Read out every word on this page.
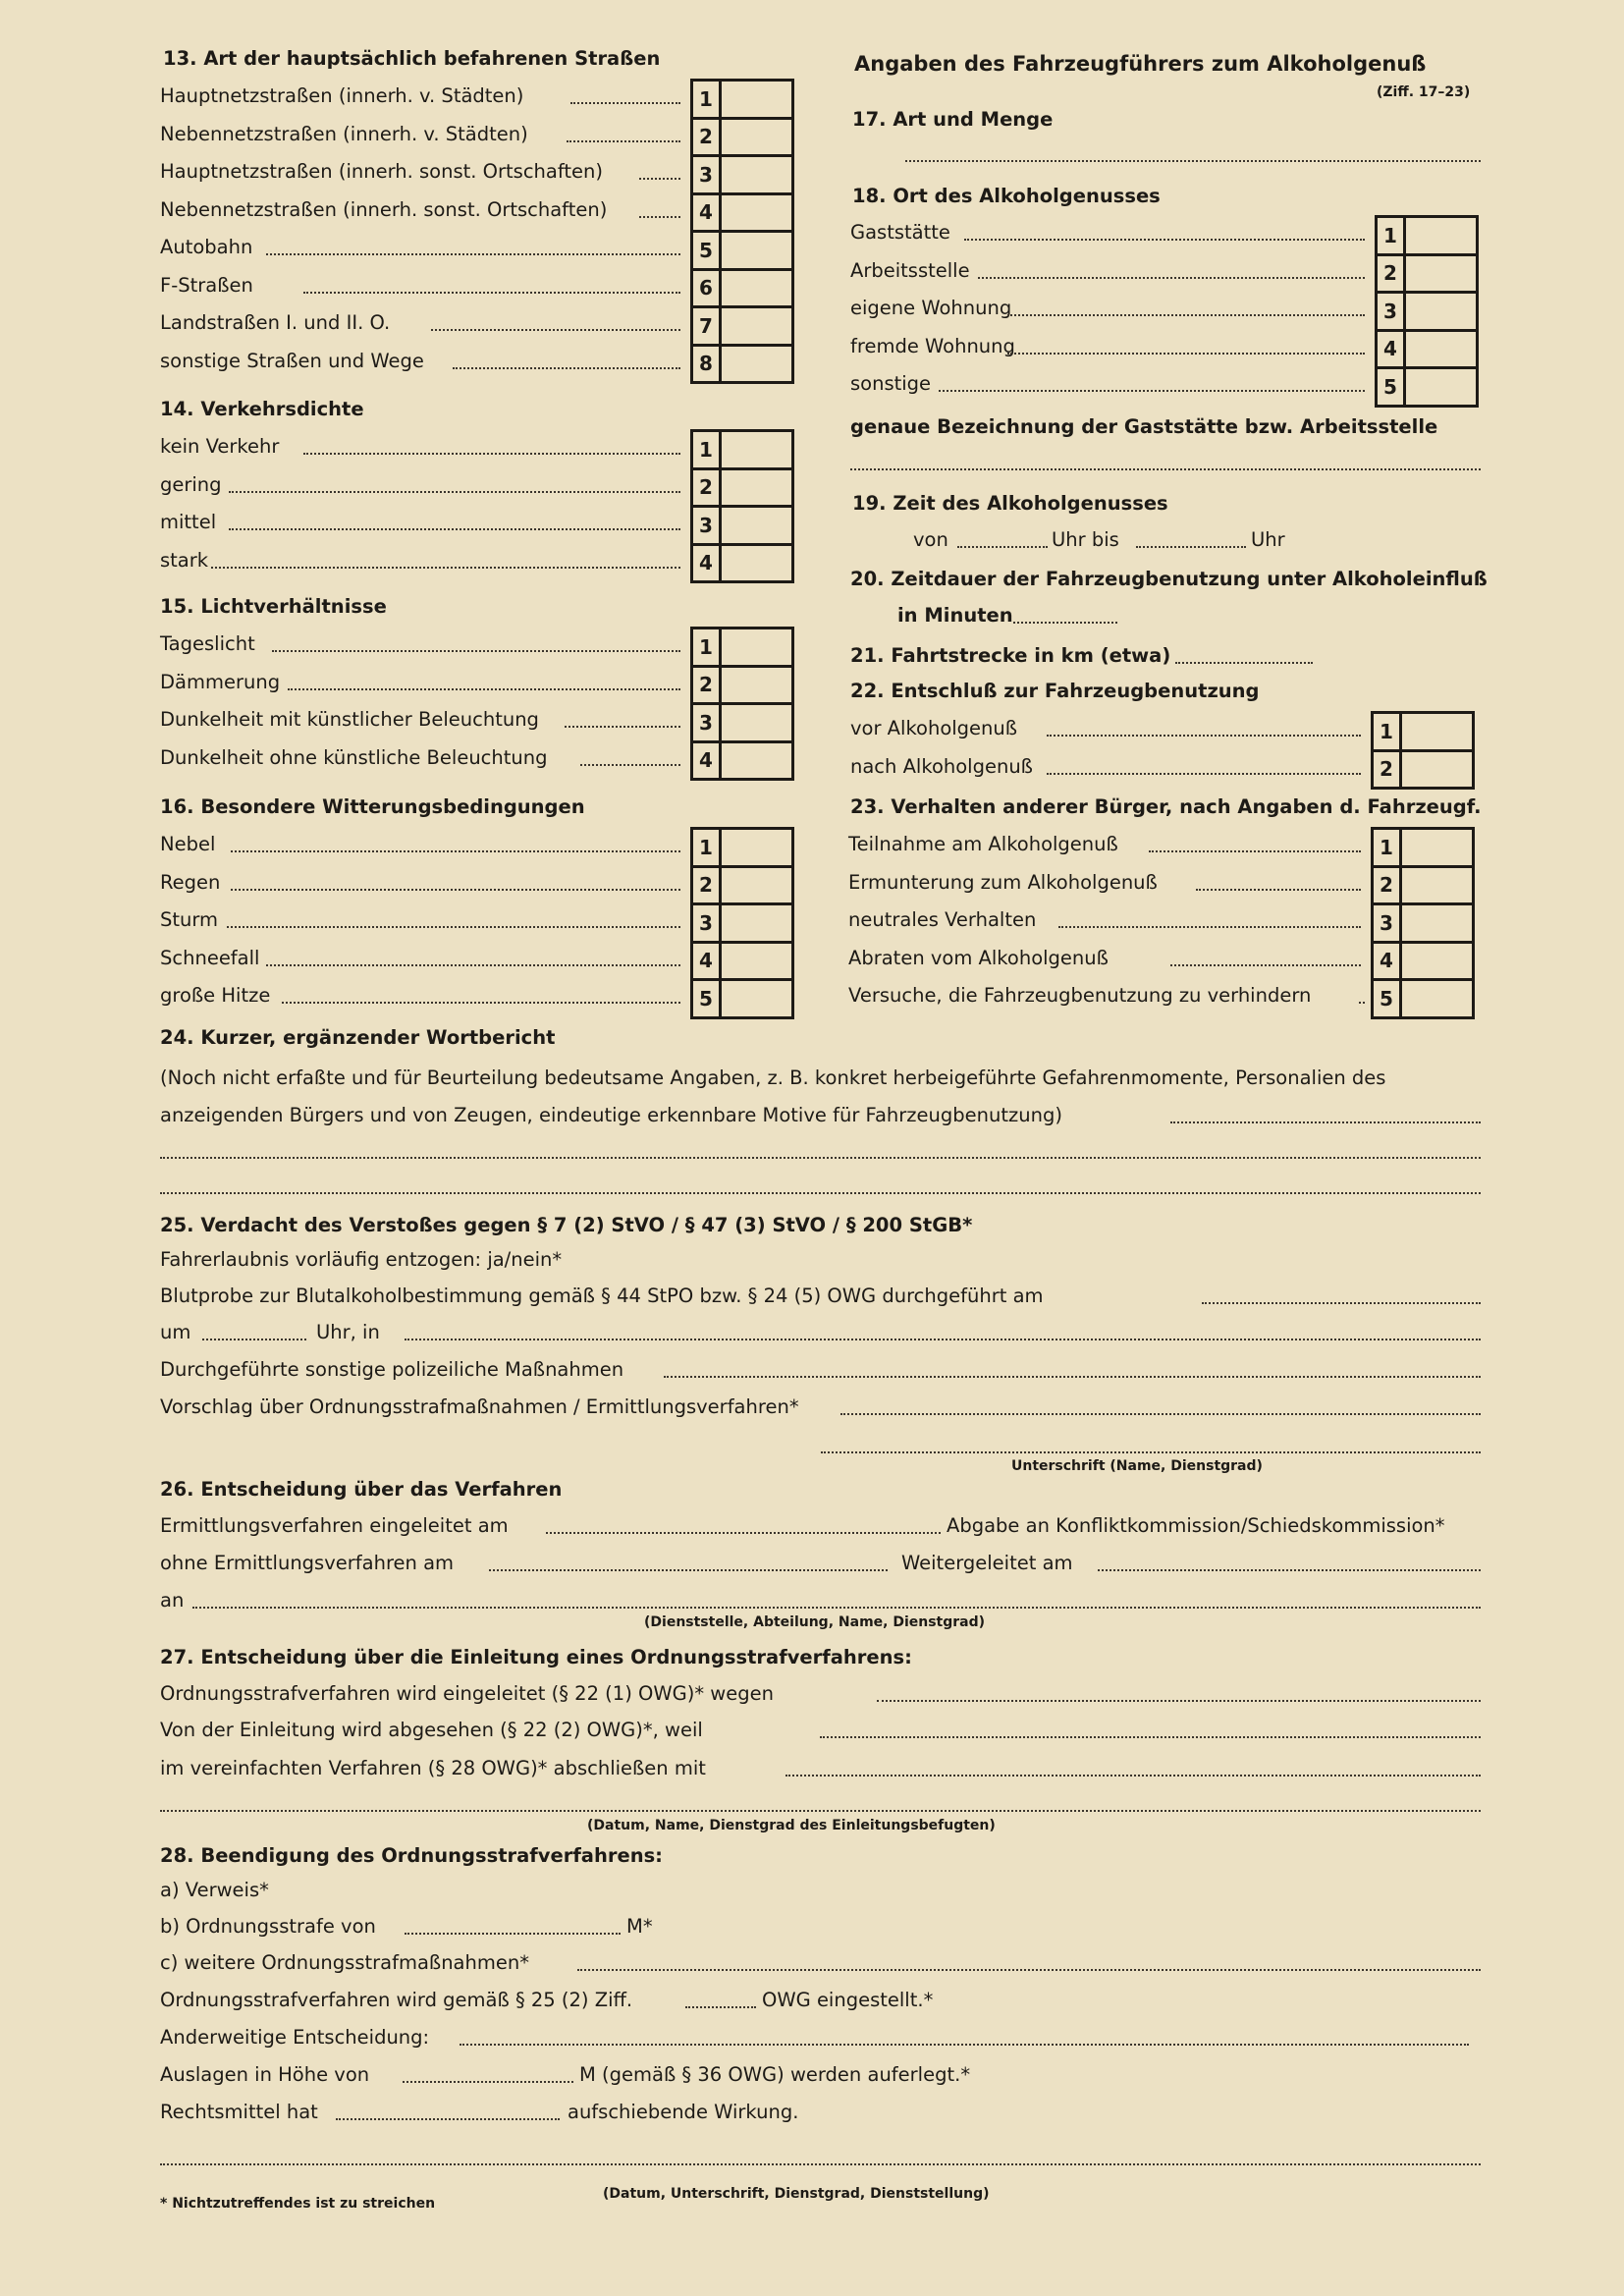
13. Art der hauptsächlich befahrenen Straßen
Hauptnetzstraßen (innerh. v. Städten)	1
Nebennetzstraßen (innerh. v. Städten)	2
Hauptnetzstraßen (innerh. sonst. Ortschaften)	3
Nebennetzstraßen (innerh. sonst. Ortschaften)	4
Autobahn	5
F-Straßen	6
Landstraßen I. und II. O.	7
sonstige Straßen und Wege	8
14. Verkehrsdichte
kein Verkehr	1
gering	2
mittel	3
stark	4
15. Lichtverhältnisse
Tageslicht	1
Dämmerung	2
Dunkelheit mit künstlicher Beleuchtung	3
Dunkelheit ohne künstliche Beleuchtung	4
16. Besondere Witterungsbedingungen
Nebel	1
Regen	2
Sturm	3
Schneefall	4
große Hitze	5
Angaben des Fahrzeugführers zum Alkoholgenuß
(Ziff. 17–23)
17. Art und Menge
18. Ort des Alkoholgenusses
Gaststätte	1
Arbeitsstelle	2
eigene Wohnung	3
fremde Wohnung	4
sonstige	5
genaue Bezeichnung der Gaststätte bzw. Arbeitsstelle
19. Zeit des Alkoholgenusses
von	Uhr bis	Uhr
20. Zeitdauer der Fahrzeugbenutzung unter Alkoholeinfluß
in Minuten
21. Fahrtstrecke in km (etwa)
22. Entschluß zur Fahrzeugbenutzung
vor Alkoholgenuß	1
nach Alkoholgenuß	2
23. Verhalten anderer Bürger, nach Angaben d. Fahrzeugf.
Teilnahme am Alkoholgenuß	1
Ermunterung zum Alkoholgenuß	2
neutrales Verhalten	3
Abraten vom Alkoholgenuß	4
Versuche, die Fahrzeugbenutzung zu verhindern	5
24. Kurzer, ergänzender Wortbericht
(Noch nicht erfaßte und für Beurteilung bedeutsame Angaben, z. B. konkret herbeigeführte Gefahrenmomente, Personalien des
anzeigenden Bürgers und von Zeugen, eindeutige erkennbare Motive für Fahrzeugbenutzung)
25. Verdacht des Verstoßes gegen § 7 (2) StVO / § 47 (3) StVO / § 200 StGB*
Fahrerlaubnis vorläufig entzogen: ja/nein*
Blutprobe zur Blutalkoholbestimmung gemäß § 44 StPO bzw. § 24 (5) OWG durchgeführt am
um	Uhr, in
Durchgeführte sonstige polizeiliche Maßnahmen
Vorschlag über Ordnungsstrafmaßnahmen / Ermittlungsverfahren*
Unterschrift (Name, Dienstgrad)
26. Entscheidung über das Verfahren
Ermittlungsverfahren eingeleitet am	Abgabe an Konfliktkommission/Schiedskommission*
ohne Ermittlungsverfahren am	Weitergeleitet am
an
(Dienststelle, Abteilung, Name, Dienstgrad)
27. Entscheidung über die Einleitung eines Ordnungsstrafverfahrens:
Ordnungsstrafverfahren wird eingeleitet (§ 22 (1) OWG)* wegen
Von der Einleitung wird abgesehen (§ 22 (2) OWG)*, weil
im vereinfachten Verfahren (§ 28 OWG)* abschließen mit
(Datum, Name, Dienstgrad des Einleitungsbefugten)
28. Beendigung des Ordnungsstrafverfahrens:
a) Verweis*
b) Ordnungsstrafe von	M*
c) weitere Ordnungsstrafmaßnahmen*
Ordnungsstrafverfahren wird gemäß § 25 (2) Ziff.	OWG eingestellt.*
Anderweitige Entscheidung:
Auslagen in Höhe von	M (gemäß § 36 OWG) werden auferlegt.*
Rechtsmittel hat	aufschiebende Wirkung.
(Datum, Unterschrift, Dienstgrad, Dienststellung)
* Nichtzutreffendes ist zu streichen
